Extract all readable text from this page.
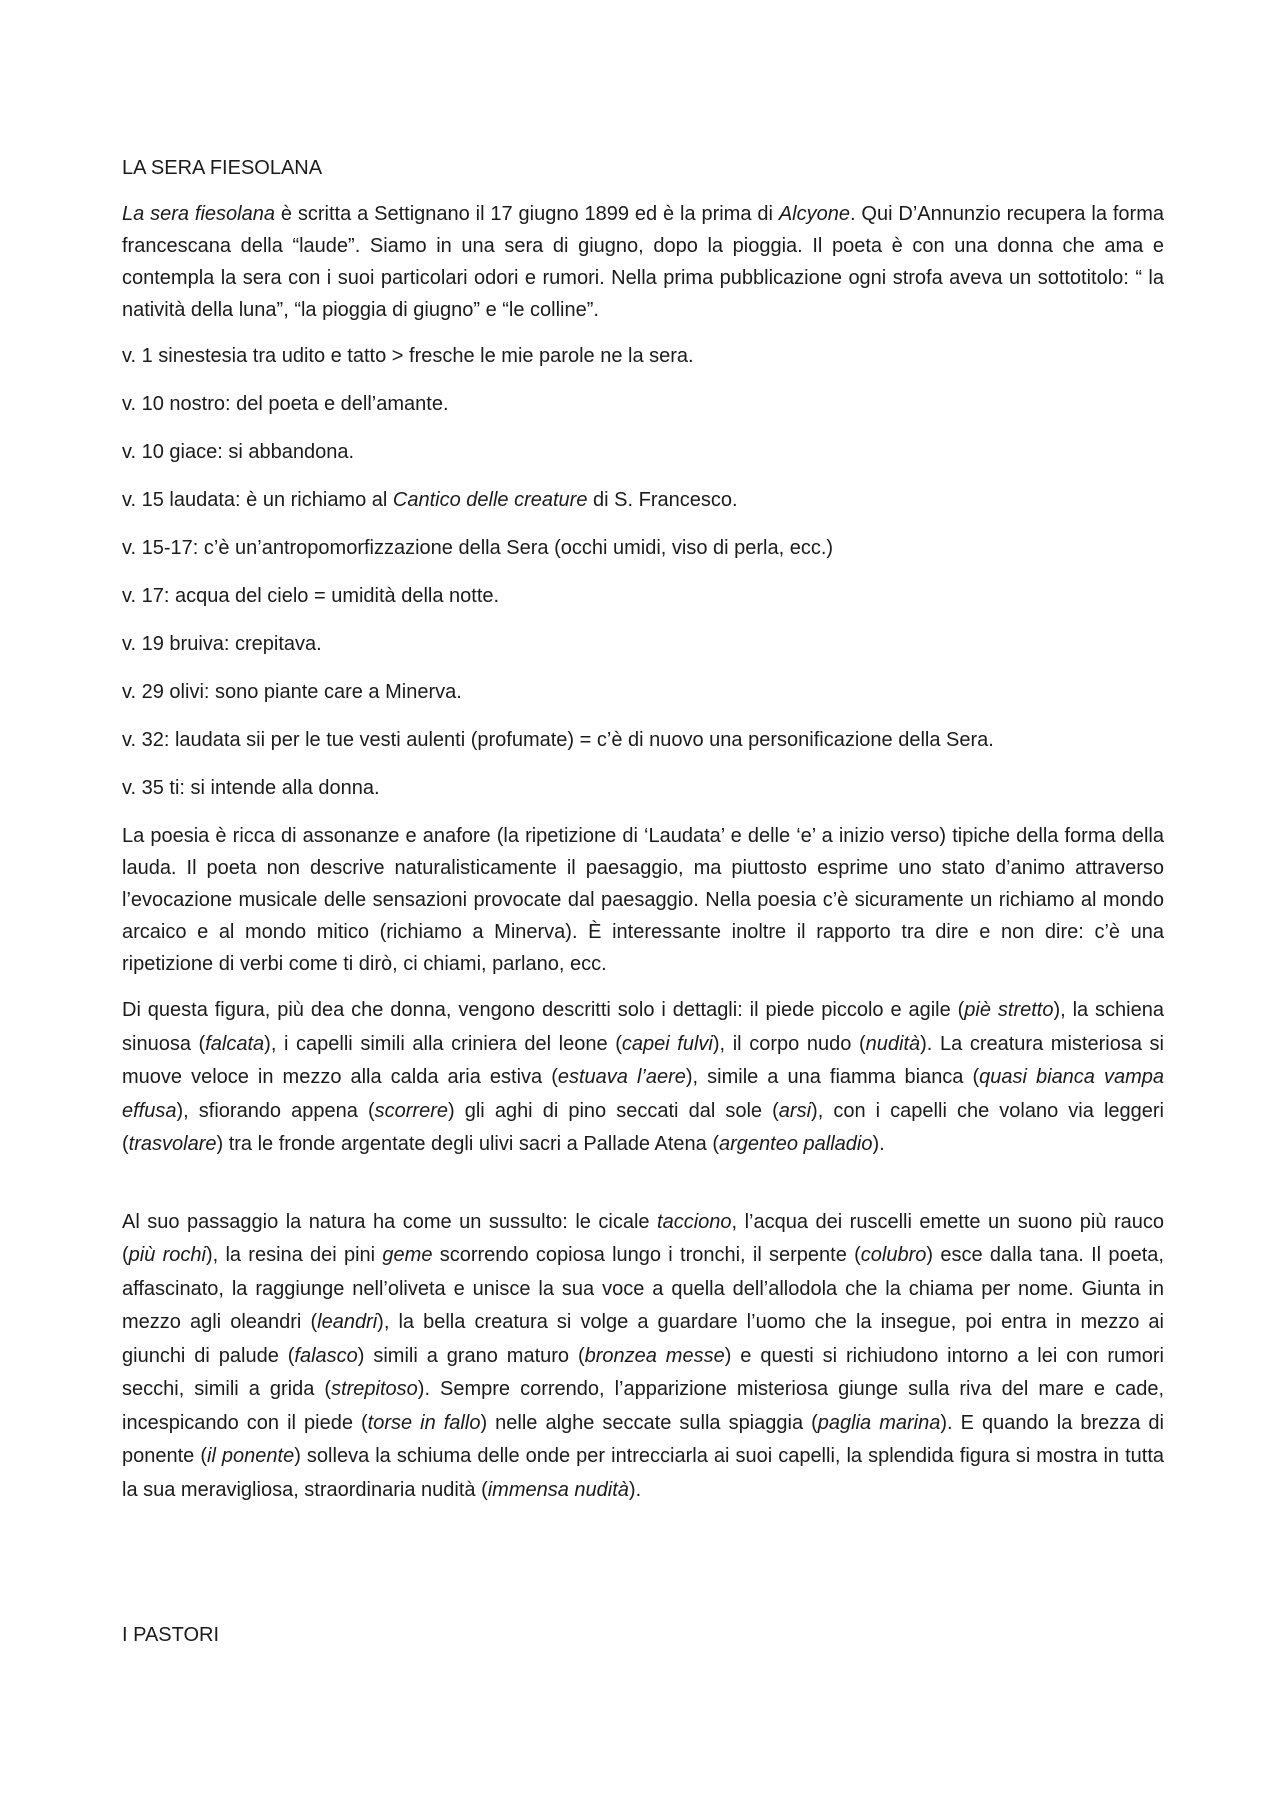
LA SERA FIESOLANA

La sera fiesolana è scritta a Settignano il 17 giugno 1899 ed è la prima di Alcyone. Qui D’Annunzio recupera la forma francescana della “laude”. Siamo in una sera di giugno, dopo la pioggia. Il poeta è con una donna che ama e contempla la sera con i suoi particolari odori e rumori. Nella prima pubblicazione ogni strofa aveva un sottotitolo: “ la natività della luna”, “la pioggia di giugno” e “le colline”.

v. 1 sinestesia tra udito e tatto > fresche le mie parole ne la sera.

v. 10 nostro: del poeta e dell’amante.

v. 10 giace: si abbandona.

v. 15 laudata: è un richiamo al Cantico delle creature di S. Francesco.

v. 15-17: c’è un’antropomorfizzazione della Sera (occhi umidi, viso di perla, ecc.)

v. 17: acqua del cielo = umidità della notte.

v. 19 bruiva: crepitava.

v. 29 olivi: sono piante care a Minerva.

v. 32: laudata sii per le tue vesti aulenti (profumate) = c’è di nuovo una personificazione della Sera.

v. 35 ti: si intende alla donna.

La poesia è ricca di assonanze e anafore (la ripetizione di ‘Laudata’ e delle ‘e’ a inizio verso) tipiche della forma della lauda. Il poeta non descrive naturalisticamente il paesaggio, ma piuttosto esprime uno stato d’animo attraverso l’evocazione musicale delle sensazioni provocate dal paesaggio. Nella poesia c’è sicuramente un richiamo al mondo arcaico e al mondo mitico (richiamo a Minerva). È interessante inoltre il rapporto tra dire e non dire: c’è una ripetizione di verbi come ti dirò, ci chiami, parlano, ecc.

Di questa figura, più dea che donna, vengono descritti solo i dettagli: il piede piccolo e agile (piè stretto), la schiena sinuosa (falcata), i capelli simili alla criniera del leone (capei fulvi), il corpo nudo (nudità). La creatura misteriosa si muove veloce in mezzo alla calda aria estiva (estuava l’aere), simile a una fiamma bianca (quasi bianca vampa effusa), sfiorando appena (scorrere) gli aghi di pino seccati dal sole (arsi), con i capelli che volano via leggeri (trasvolare) tra le fronde argentate degli ulivi sacri a Pallade Atena (argenteo palladio).

Al suo passaggio la natura ha come un sussulto: le cicale tacciono, l’acqua dei ruscelli emette un suono più rauco (più rochi), la resina dei pini geme scorrendo copiosa lungo i tronchi, il serpente (colubro) esce dalla tana. Il poeta, affascinato, la raggiunge nell’oliveta e unisce la sua voce a quella dell’allodola che la chiama per nome. Giunta in mezzo agli oleandri (leandri), la bella creatura si volge a guardare l’uomo che la insegue, poi entra in mezzo ai giunchi di palude (falasco) simili a grano maturo (bronzea messe) e questi si richiudono intorno a lei con rumori secchi, simili a grida (strepitoso). Sempre correndo, l’apparizione misteriosa giunge sulla riva del mare e cade, incespicando con il piede (torse in fallo) nelle alghe seccate sulla spiaggia (paglia marina). E quando la brezza di ponente (il ponente) solleva la schiuma delle onde per intrecciarla ai suoi capelli, la splendida figura si mostra in tutta la sua meravigliosa, straordinaria nudità (immensa nudità).

I PASTORI
